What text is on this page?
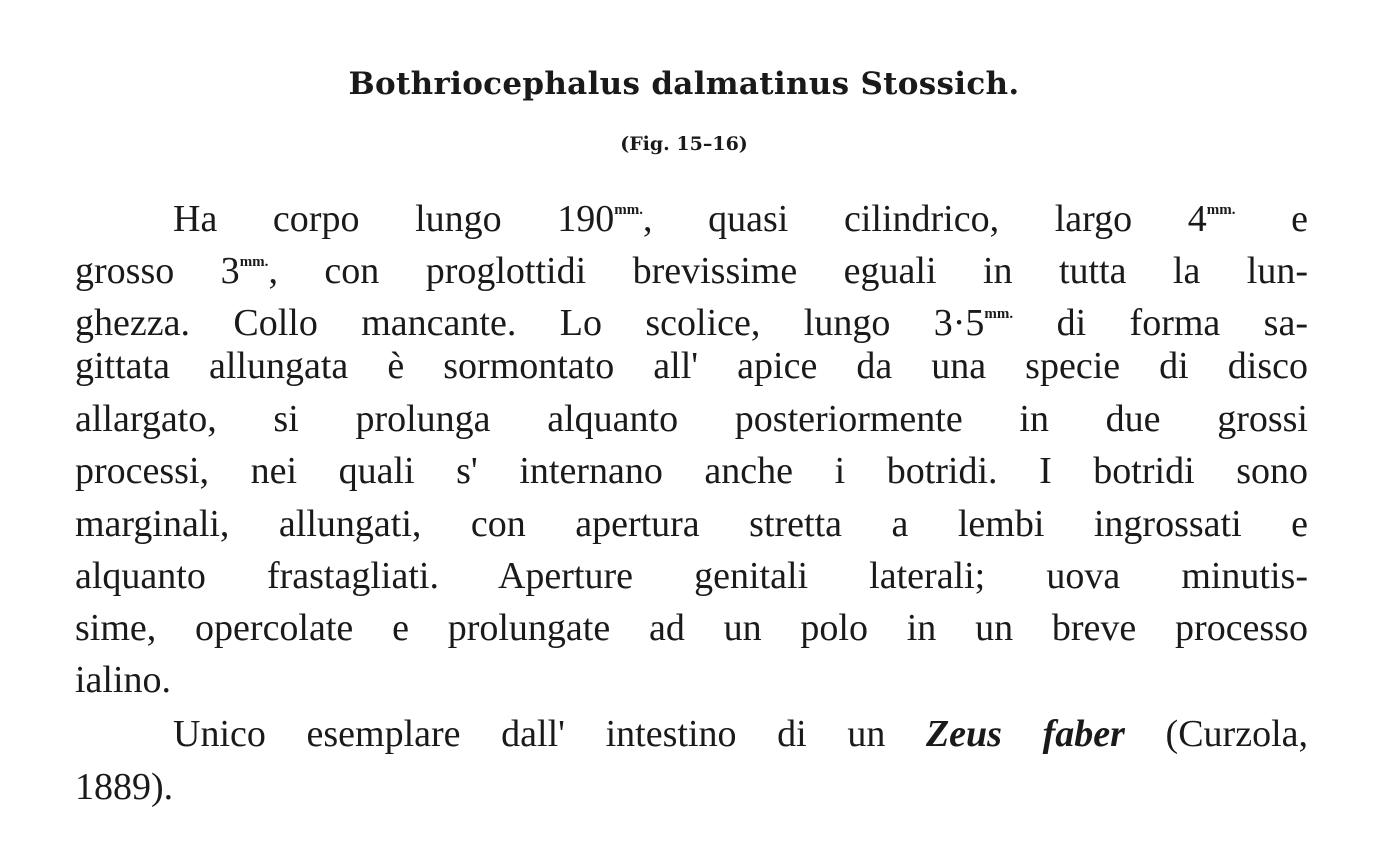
Bothriocephalus dalmatinus Stossich.
(Fig. 15–16)
Ha corpo lungo $190^{mm.}$, quasi cilindrico, largo $4^{mm.}$ e
grosso $3^{mm.}$, con proglottidi brevissime eguali in tutta la lun-
ghezza. Collo mancante. Lo scolice, lungo $3\cdot 5^{mm.}$ di forma sa-
gittata allungata è sormontato all' apice da una specie di disco
allargato, si prolunga alquanto posteriormente in due grossi
processi, nei quali s' internano anche i botridi. I botridi sono
marginali, allungati, con apertura stretta a lembi ingrossati e
alquanto frastagliati. Aperture genitali laterali; uova minutis-
sime, opercolate e prolungate ad un polo in un breve processo
ialino.
Unico esemplare dall' intestino di un Zeus faber (Curzola,
1889).
